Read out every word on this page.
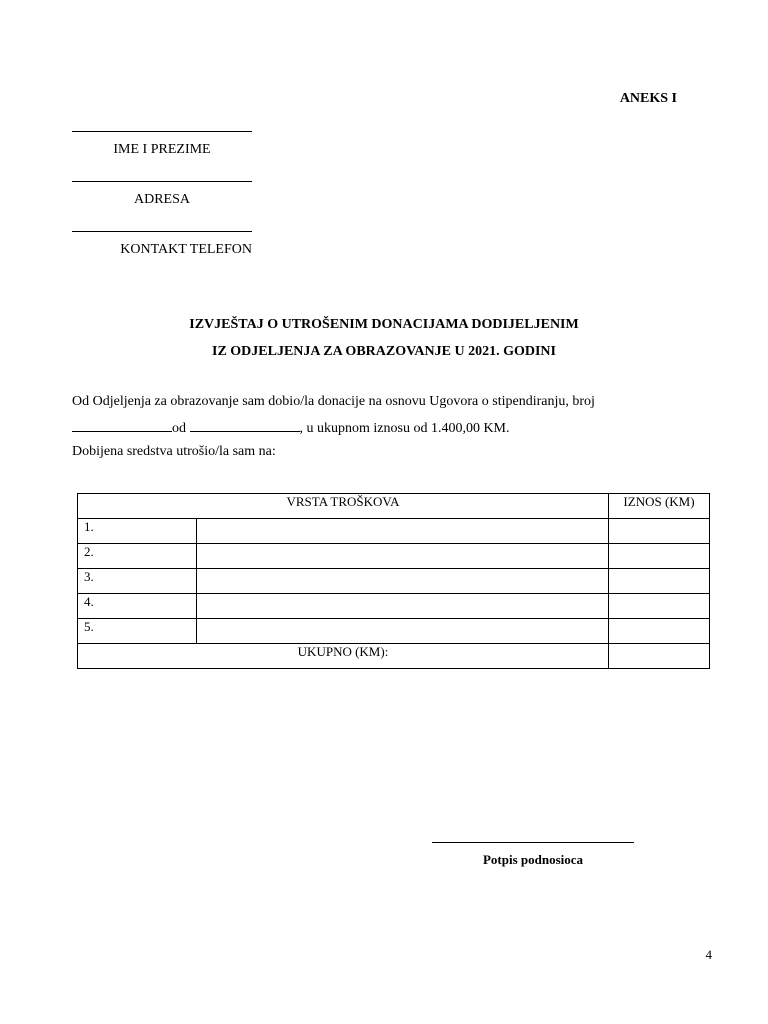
ANEKS I
IME I PREZIME
ADRESA
KONTAKT TELEFON
IZVJEŠTAJ O UTROŠENIM DONACIJAMA DODIJELJENIM
IZ ODJELJENJA ZA OBRAZOVANJE U 2021. GODINI
Od Odjeljenja za obrazovanje sam dobio/la donacije na osnovu Ugovora o stipendiranju, broj
od	, u ukupnom iznosu od 1.400,00 KM.
Dobijena sredstva utrošio/la sam na:
VRSTA TROŠKOVA		IZNOS (KM)
1.		
2.		
3.		
4.		
5.		
UKUPNO (KM):		
Potpis podnosioca
4
